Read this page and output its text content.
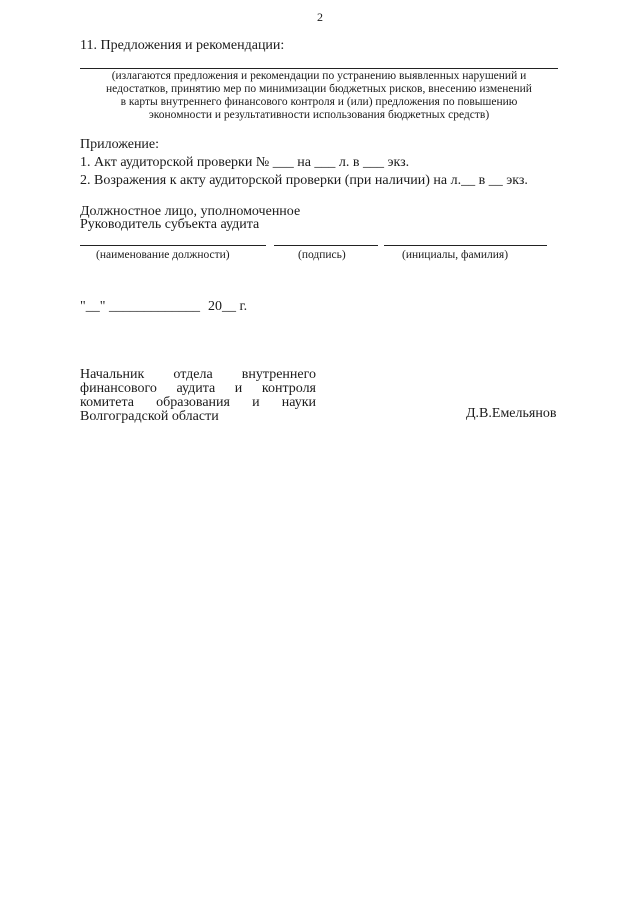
2
11. Предложения и рекомендации:
(излагаются предложения и рекомендации по устранению выявленных нарушений и
недостатков, принятию мер по минимизации бюджетных рисков, внесению изменений
в карты внутреннего финансового контроля и (или) предложения по повышению
экономности и результативности использования бюджетных средств)
Приложение:
1. Акт аудиторской проверки № ___ на ___ л. в ___ экз.
2. Возражения к акту аудиторской проверки (при наличии) на л.__ в __ экз.
Должностное лицо, уполномоченное
Руководитель субъекта аудита
(наименование должности)	(подпись)	(инициалы, фамилия)
"__" _____________ 20__ г.
Начальник отдела внутреннего
финансового аудита и контроля
комитета образования и науки
Волгоградской области	Д.В.Емельянов
